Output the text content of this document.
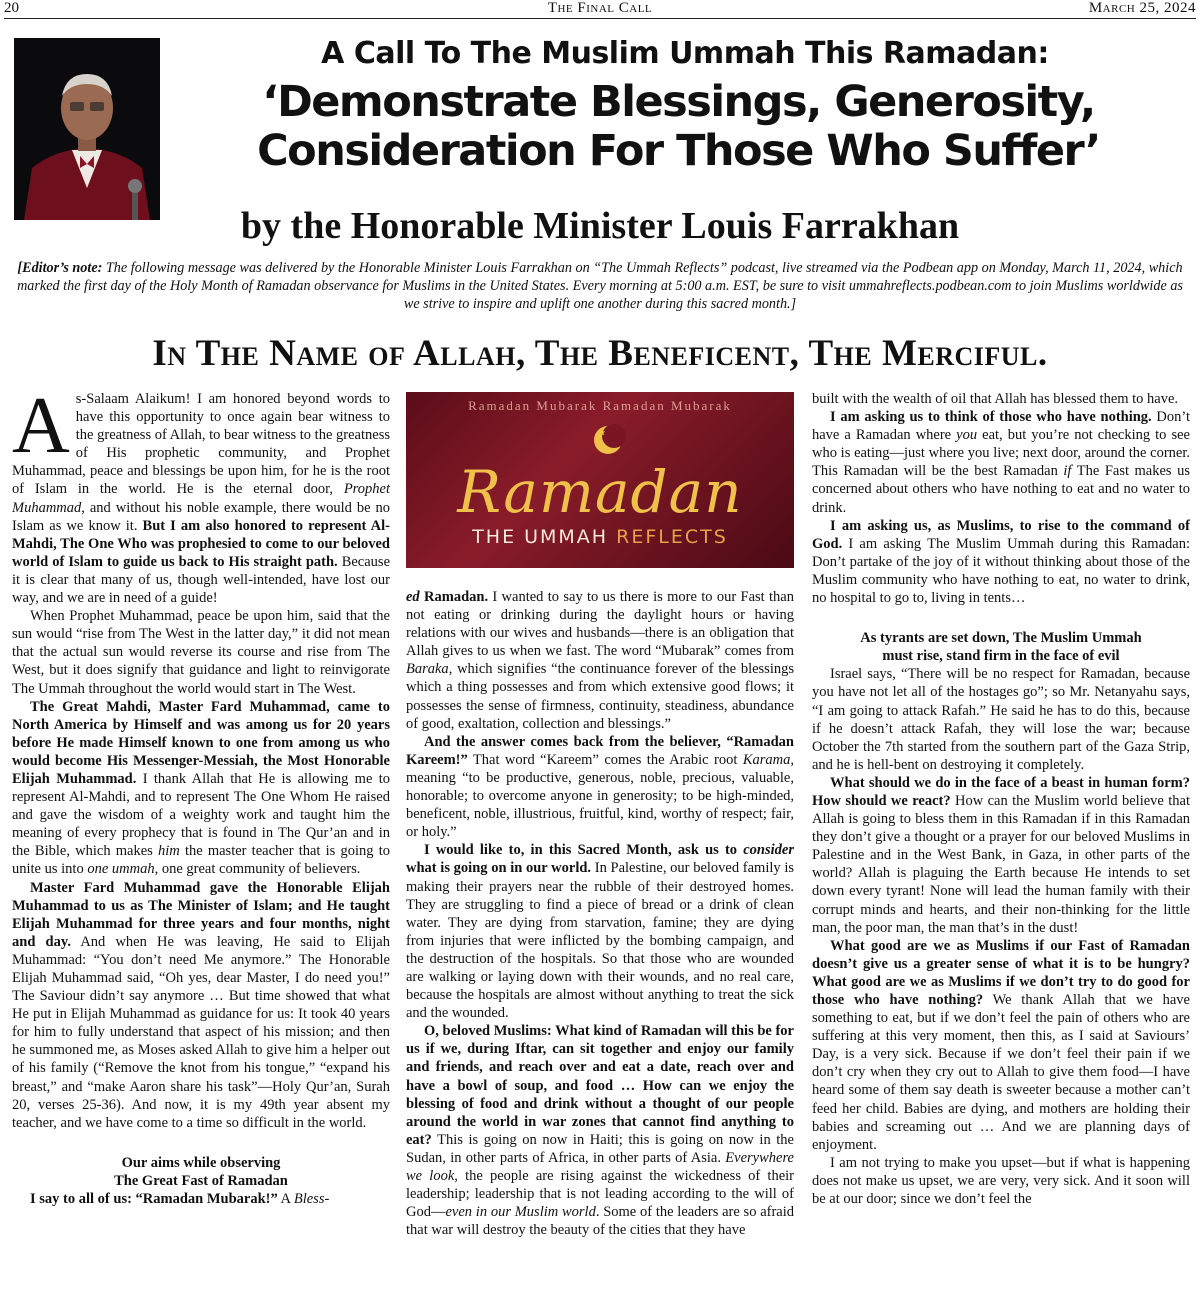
20	The Final Call	March 25, 2024
A Call To The Muslim Ummah This Ramadan:
‘Demonstrate Blessings, Generosity,
Consideration For Those Who Suffer’
by the Honorable Minister Louis Farrakhan
[Editor’s note: The following message was delivered by the Honorable Minister Louis Farrakhan on “The Ummah Reflects” podcast, live streamed via the Podbean app on Monday, March 11, 2024, which marked the first day of the Holy Month of Ramadan observance for Muslims in the United States. Every morning at 5:00 a.m. EST, be sure to visit ummahreflects.podbean.com to join Muslims worldwide as we strive to inspire and uplift one another during this sacred month.]
In The Name of Allah, The Beneficent, The Merciful.

As-Salaam Alaikum! I am honored beyond words to have this opportunity to once again bear witness to the greatness of Allah, to bear witness to the greatness of His prophetic community, and Prophet Muhammad, peace and blessings be upon him, for he is the root of Islam in the world. He is the eternal door, Prophet Muhammad, and without his noble example, there would be no Islam as we know it. But I am also honored to represent Al-Mahdi, The One Who was prophesied to come to our beloved world of Islam to guide us back to His straight path. Because it is clear that many of us, though well-intended, have lost our way, and we are in need of a guide!

When Prophet Muhammad, peace be upon him, said that the sun would “rise from The West in the latter day,” it did not mean that the actual sun would reverse its course and rise from The West, but it does signify that guidance and light to reinvigorate The Ummah throughout the world would start in The West.

The Great Mahdi, Master Fard Muhammad, came to North America by Himself and was among us for 20 years before He made Himself known to one from among us who would become His Messenger-Messiah, the Most Honorable Elijah Muhammad. I thank Allah that He is allowing me to represent Al-Mahdi, and to represent The One Whom He raised and gave the wisdom of a weighty work and taught him the meaning of every prophecy that is found in The Qur’an and in the Bible, which makes him the master teacher that is going to unite us into one ummah, one great community of believers.

Master Fard Muhammad gave the Honorable Elijah Muhammad to us as The Minister of Islam; and He taught Elijah Muhammad for three years and four months, night and day. And when He was leaving, He said to Elijah Muhammad: “You don’t need Me anymore.” The Honorable Elijah Muhammad said, “Oh yes, dear Master, I do need you!” The Saviour didn’t say anymore … But time showed that what He put in Elijah Muhammad as guidance for us: It took 40 years for him to fully understand that aspect of his mission; and then he summoned me, as Moses asked Allah to give him a helper out of his family (“Remove the knot from his tongue,” “expand his breast,” and “make Aaron share his task”—Holy Qur’an, Surah 20, verses 25-36). And now, it is my 49th year absent my teacher, and we have come to a time so difficult in the world.

Our aims while observing
The Great Fast of Ramadan

I say to all of us: “Ramadan Mubarak!” A Bless-

Ramadan Mubarak Ramadan Mubarak
Ramadan
THE UMMAH REFLECTS

ed Ramadan. I wanted to say to us there is more to our Fast than not eating or drinking during the daylight hours or having relations with our wives and husbands—there is an obligation that Allah gives to us when we fast. The word “Mubarak” comes from Baraka, which signifies “the continuance forever of the blessings which a thing possesses and from which extensive good flows; it possesses the sense of firmness, continuity, steadiness, abundance of good, exaltation, collection and blessings.”

And the answer comes back from the believer, “Ramadan Kareem!” That word “Kareem” comes the Arabic root Karama, meaning “to be productive, generous, noble, precious, valuable, honorable; to overcome anyone in generosity; to be high-minded, beneficent, noble, illustrious, fruitful, kind, worthy of respect; fair, or holy.”

I would like to, in this Sacred Month, ask us to consider what is going on in our world. In Palestine, our beloved family is making their prayers near the rubble of their destroyed homes. They are struggling to find a piece of bread or a drink of clean water. They are dying from starvation, famine; they are dying from injuries that were inflicted by the bombing campaign, and the destruction of the hospitals. So that those who are wounded are walking or laying down with their wounds, and no real care, because the hospitals are almost without anything to treat the sick and the wounded.

O, beloved Muslims: What kind of Ramadan will this be for us if we, during Iftar, can sit together and enjoy our family and friends, and reach over and eat a date, reach over and have a bowl of soup, and food … How can we enjoy the blessing of food and drink without a thought of our people around the world in war zones that cannot find anything to eat? This is going on now in Haiti; this is going on now in the Sudan, in other parts of Africa, in other parts of Asia. Everywhere we look, the people are rising against the wickedness of their leadership; leadership that is not leading according to the will of God—even in our Muslim world. Some of the leaders are so afraid that war will destroy the beauty of the cities that they have

built with the wealth of oil that Allah has blessed them to have.

I am asking us to think of those who have nothing. Don’t have a Ramadan where you eat, but you’re not checking to see who is eating—just where you live; next door, around the corner. This Ramadan will be the best Ramadan if The Fast makes us concerned about others who have nothing to eat and no water to drink.

I am asking us, as Muslims, to rise to the command of God. I am asking The Muslim Ummah during this Ramadan: Don’t partake of the joy of it without thinking about those of the Muslim community who have nothing to eat, no water to drink, no hospital to go to, living in tents…

As tyrants are set down, The Muslim Ummah
must rise, stand firm in the face of evil

Israel says, “There will be no respect for Ramadan, because you have not let all of the hostages go”; so Mr. Netanyahu says, “I am going to attack Rafah.” He said he has to do this, because if he doesn’t attack Rafah, they will lose the war; because October the 7th started from the southern part of the Gaza Strip, and he is hell-bent on destroying it completely.

What should we do in the face of a beast in human form? How should we react? How can the Muslim world believe that Allah is going to bless them in this Ramadan if in this Ramadan they don’t give a thought or a prayer for our beloved Muslims in Palestine and in the West Bank, in Gaza, in other parts of the world? Allah is plaguing the Earth because He intends to set down every tyrant! None will lead the human family with their corrupt minds and hearts, and their non-thinking for the little man, the poor man, the man that’s in the dust!

What good are we as Muslims if our Fast of Ramadan doesn’t give us a greater sense of what it is to be hungry? What good are we as Muslims if we don’t try to do good for those who have nothing? We thank Allah that we have something to eat, but if we don’t feel the pain of others who are suffering at this very moment, then this, as I said at Saviours’ Day, is a very sick. Because if we don’t feel their pain if we don’t cry when they cry out to Allah to give them food—I have heard some of them say death is sweeter because a mother can’t feed her child. Babies are dying, and mothers are holding their babies and screaming out … And we are planning days of enjoyment.

I am not trying to make you upset—but if what is happening does not make us upset, we are very, very sick. And it soon will be at our door; since we don’t feel the
